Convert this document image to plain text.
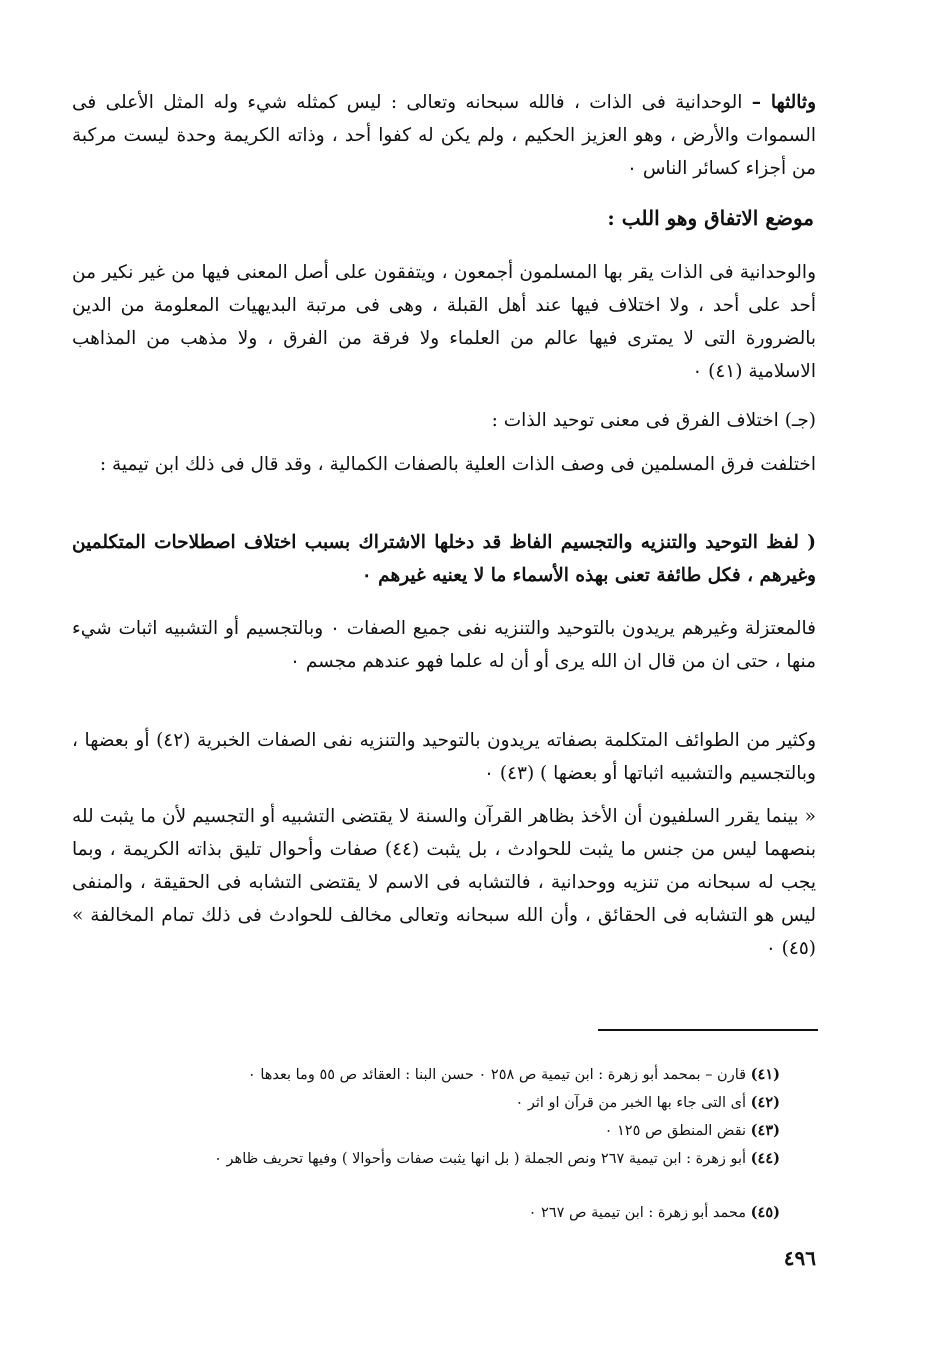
وثالثها – الوحدانية فى الذات ، فالله سبحانه وتعالى : ليس كمثله شيء وله المثل الأعلى فى السموات والأرض ، وهو العزيز الحكيم ، ولم يكن له كفوا أحد ، وذاته الكريمة وحدة ليست مركبة من أجزاء كسائر الناس ٠

موضع الاتفاق وهو اللب :

والوحدانية فى الذات يقر بها المسلمون أجمعون ، ويتفقون على أصل المعنى فيها من غير نكير من أحد على أحد ، ولا اختلاف فيها عند أهل القبلة ، وهى فى مرتبة البديهيات المعلومة من الدين بالضرورة التى لا يمترى فيها عالم من العلماء ولا فرقة من الفرق ، ولا مذهب من المذاهب الاسلامية (٤١) ٠

(جـ) اختلاف الفرق فى معنى توحيد الذات :

اختلفت فرق المسلمين فى وصف الذات العلية بالصفات الكمالية ، وقد قال فى ذلك ابن تيمية :

( لفظ التوحيد والتنزيه والتجسيم الفاظ قد دخلها الاشتراك بسبب اختلاف اصطلاحات المتكلمين وغيرهم ، فكل طائفة تعنى بهذه الأسماء ما لا يعنيه غيرهم ٠

فالمعتزلة وغيرهم يريدون بالتوحيد والتنزيه نفى جميع الصفات ٠ وبالتجسيم أو التشبيه اثبات شيء منها ، حتى ان من قال ان الله يرى أو أن له علما فهو عندهم مجسم ٠

وكثير من الطوائف المتكلمة بصفاته يريدون بالتوحيد والتنزيه نفى الصفات الخبرية (٤٢) أو بعضها ، وبالتجسيم والتشبيه اثباتها أو بعضها ) (٤٣) ٠

« بينما يقرر السلفيون أن الأخذ بظاهر القرآن والسنة لا يقتضى التشبيه أو التجسيم لأن ما يثبت لله بنصهما ليس من جنس ما يثبت للحوادث ، بل يثبت (٤٤) صفات وأحوال تليق بذاته الكريمة ، وبما يجب له سبحانه من تنزيه ووحدانية ، فالتشابه فى الاسم لا يقتضى التشابه فى الحقيقة ، والمنفى ليس هو التشابه فى الحقائق ، وأن الله سبحانه وتعالى مخالف للحوادث فى ذلك تمام المخالفة » (٤٥) ٠

(٤١) قارن – بمحمد أبو زهرة : ابن تيمية ص ٢٥٨ ٠ حسن البنا : العقائد ص ٥٥ وما بعدها ٠

(٤٢) أى التى جاء بها الخبر من قرآن او اثر ٠

(٤٣) نقض المنطق ص ١٢٥ ٠

(٤٤) أبو زهرة : ابن تيمية ٢٦٧ ونص الجملة ( بل انها يثبت صفات وأحوالا ) وفيها تحريف ظاهر ٠

(٤٥) محمد أبو زهرة : ابن تيمية ص ٢٦٧ ٠

٤٩٦
